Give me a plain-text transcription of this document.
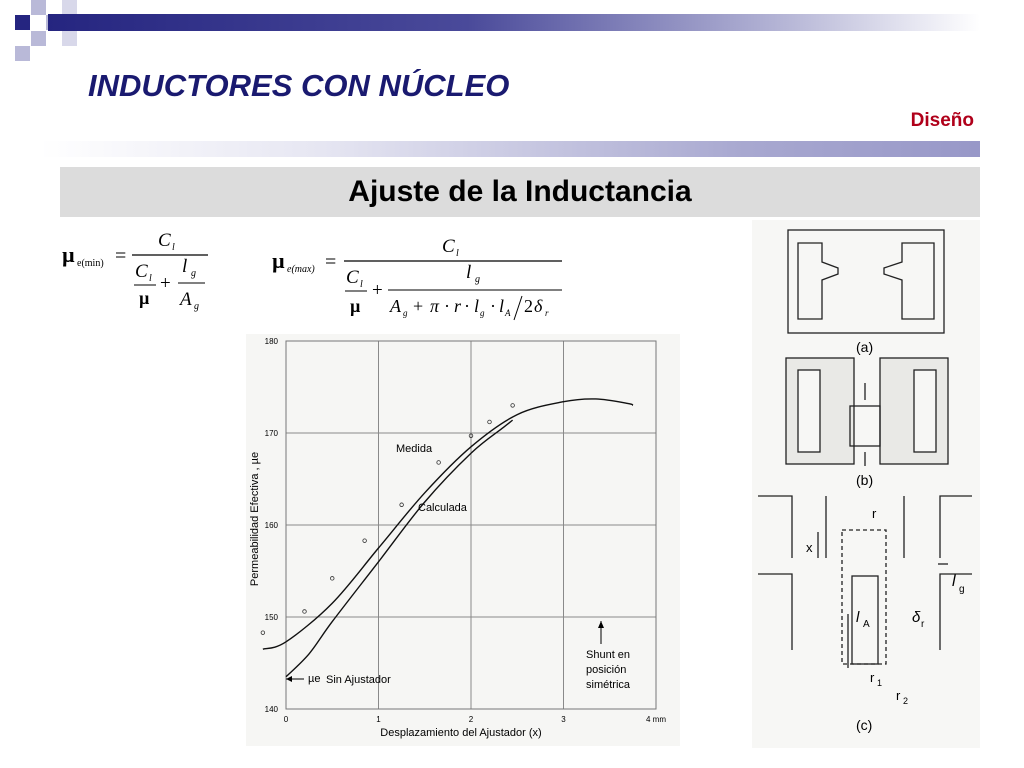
INDUCTORES CON NÚCLEO
Diseño
Ajuste de la Inductancia
µ e(min) =
C l
C l
µ
+
l g
A g
µ e(max) =
C l
C l
µ
+
l g
A g + π · r · l g · l A 2 δ r
0	1	2	3	4 mm
140
150
160
170
180
Medida
Calculada
µe Sin Ajustador
Shunt en
posición
simétrica
Desplazamiento del Ajustador (x)
Permeabilidad Efectiva , µe
(a)
(b)
x
r
l g
l A	δ r
r 1
r 2
(c)
